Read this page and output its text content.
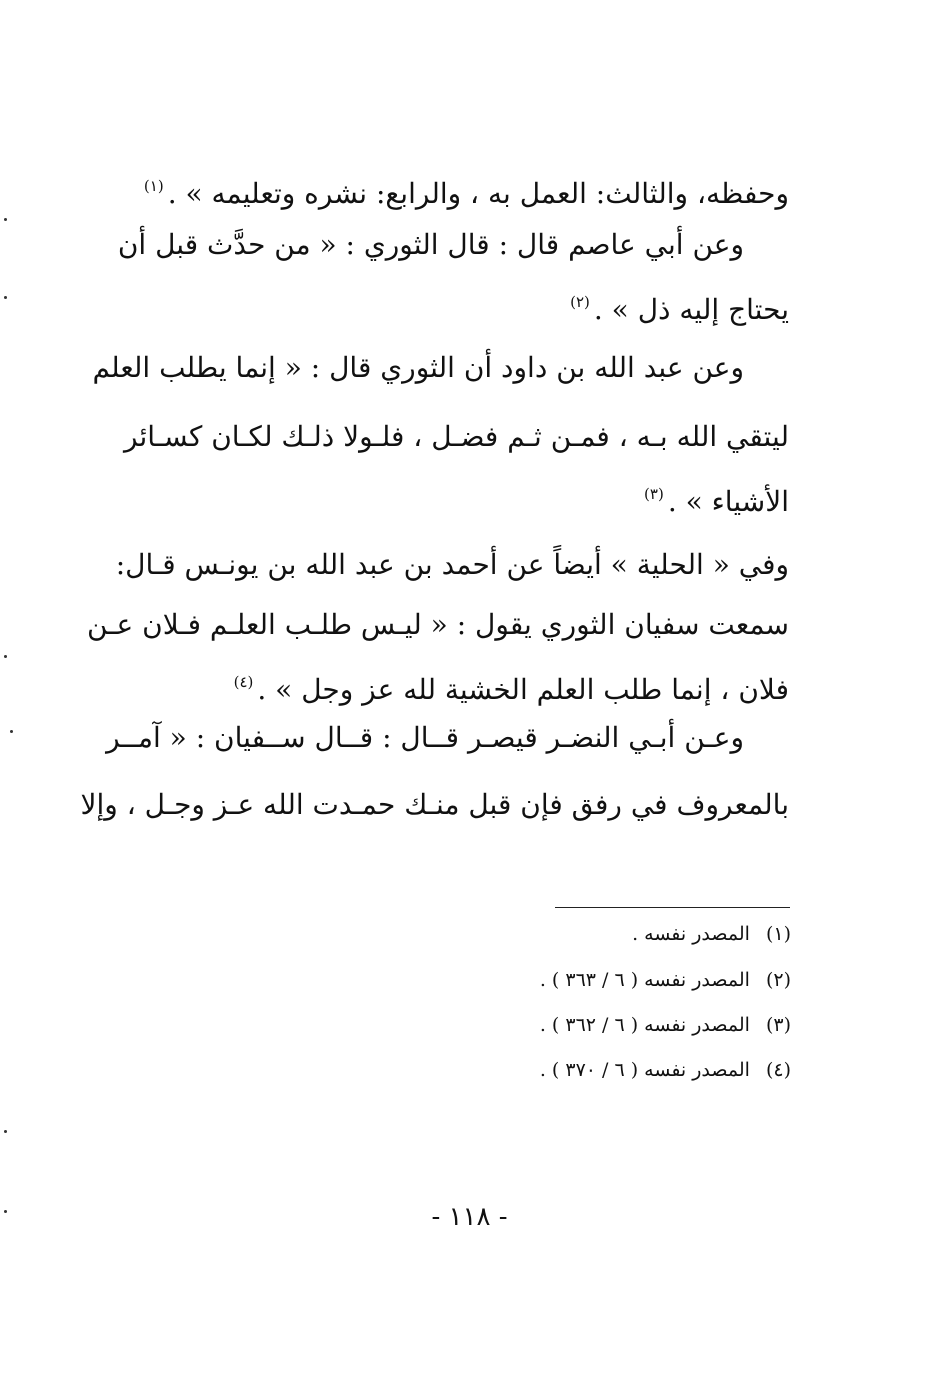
وحفظه، والثالث: العمل به ، والرابع: نشره وتعليمه » .$^{(١)}$
وعن أبي عاصم قال : قال الثوري : « من حدَّث قبل أن
يحتاج إليه ذل » .$^{(٢)}$
وعن عبد الله بن داود أن الثوري قال : « إنما يطلب العلم
ليتقي الله بـه ، فمـن ثـم فضـل ، فلـولا ذلـك لكـان كسـائر
الأشياء » .$^{(٣)}$
وفي « الحلية » أيضاً عن أحمد بن عبد الله بن يونـس قـال:
سمعت سفيان الثوري يقول : « ليـس طلـب العلـم فـلان عـن
فلان ، إنما طلب العلم الخشية لله عز وجل » .$^{(٤)}$
وعـن أبـي النضـر قيصـر قــال : قــال ســفيان : « آمــر
بالمعروف في رفق فإن قبل منـك حمـدت الله عـز وجـل ، وإلا
(١)المصدر نفسه .
(٢)المصدر نفسه ( ٦ / ٣٦٣ ) .
(٣)المصدر نفسه ( ٦ / ٣٦٢ ) .
(٤)المصدر نفسه ( ٦ / ٣٧٠ ) .
- ١١٨ -
